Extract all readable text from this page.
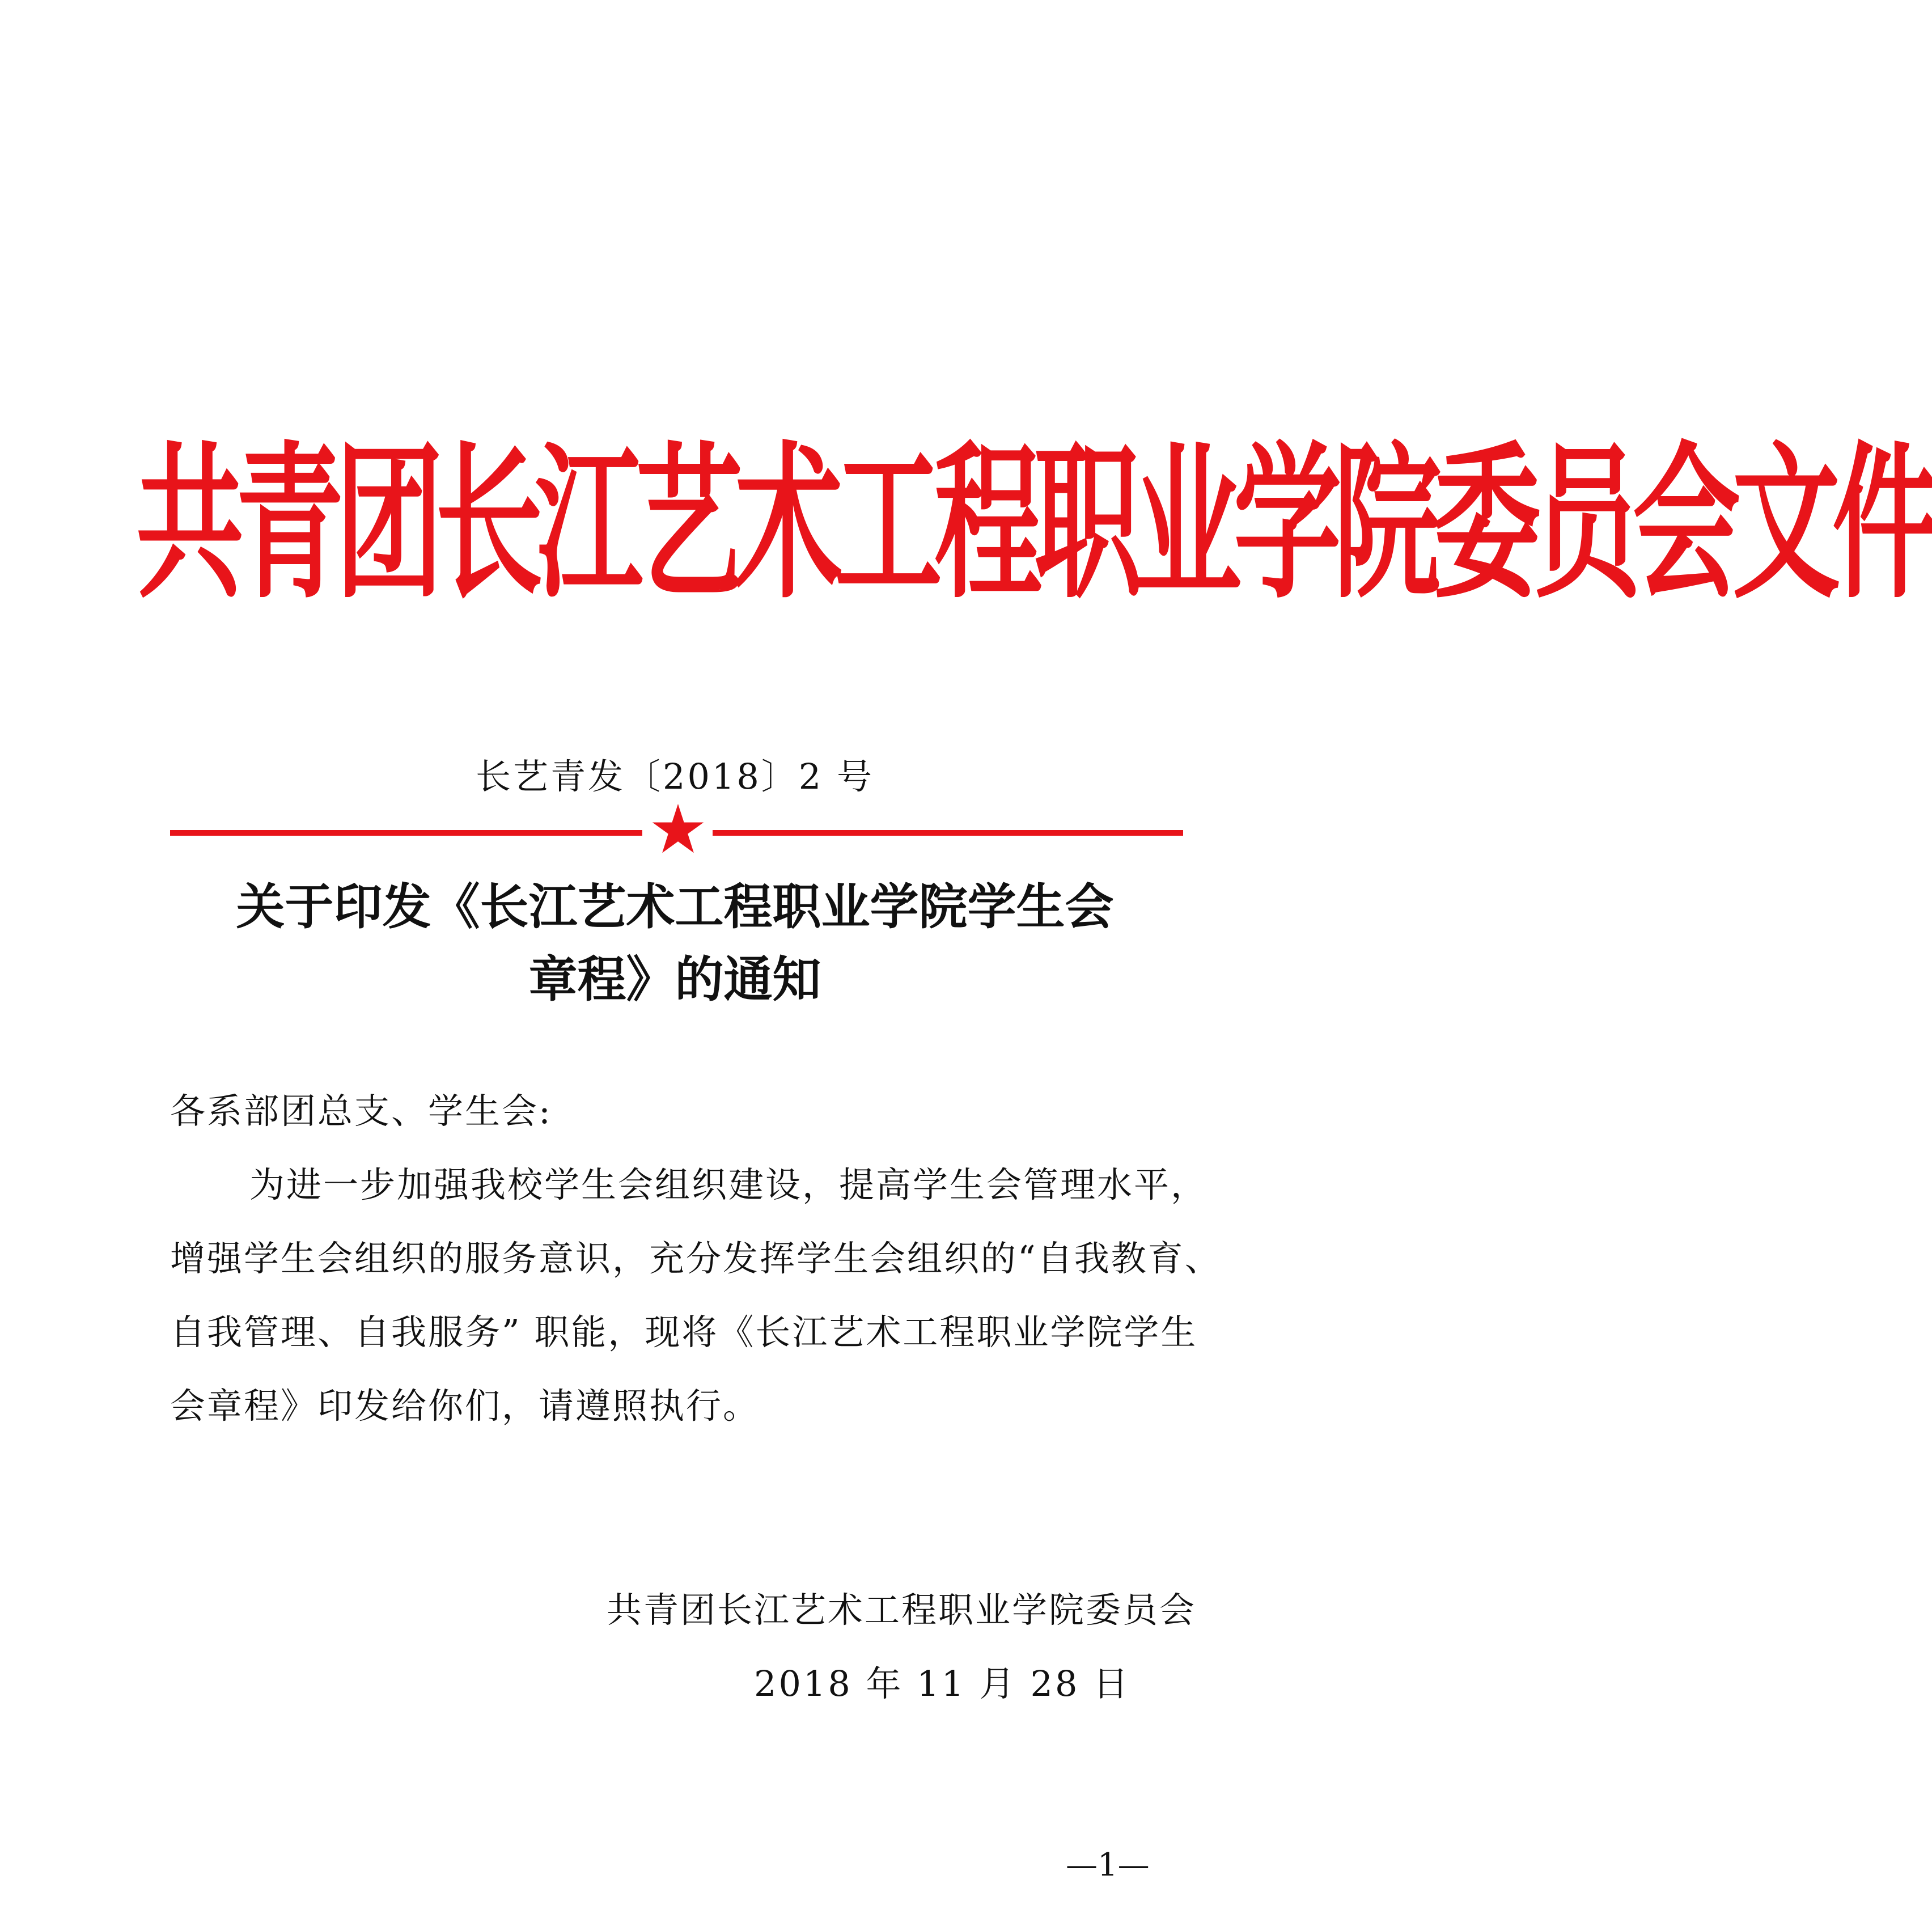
共青团长江艺术工程职业学院委员会文件
长艺青发〔2018〕2 号
关于印发《长江艺术工程职业学院学生会
章程》的通知
各系部团总支、学生会:
为进一步加强我校学生会组织建设，提高学生会管理水平，
增强学生会组织的服务意识，充分发挥学生会组织的“自我教育、
自我管理、自我服务” 职能，现将《长江艺术工程职业学院学生
会章程》印发给你们，请遵照执行。
共青团长江艺术工程职业学院委员会
2018 年 11 月 28 日
—1—
